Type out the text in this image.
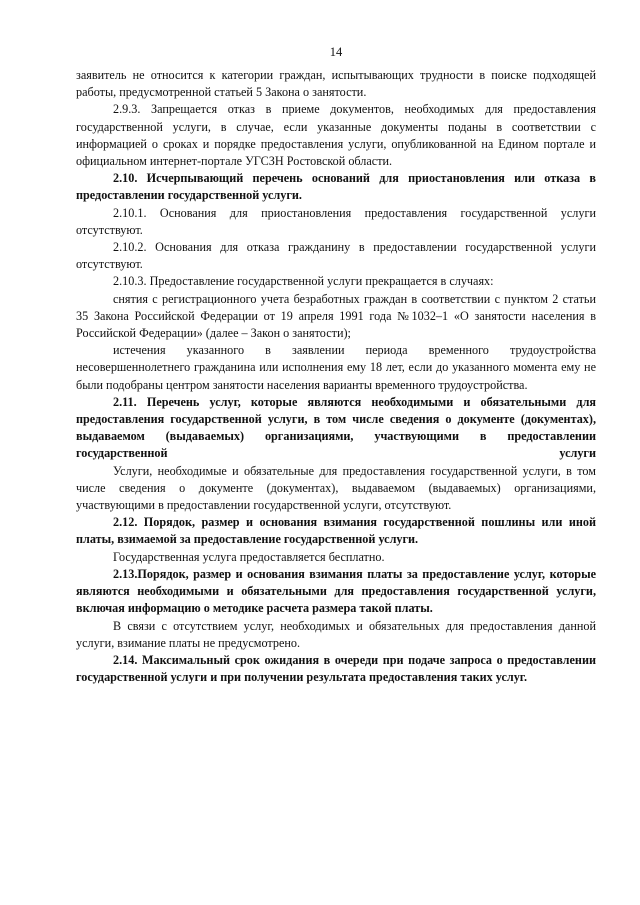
14

заявитель не относится к категории граждан, испытывающих трудности в поиске подходящей работы, предусмотренной статьей 5 Закона о занятости.

2.9.3. Запрещается отказ в приеме документов, необходимых для предоставления государственной услуги, в случае, если указанные документы поданы в соответствии с информацией о сроках и порядке предоставления услуги, опубликованной на Едином портале и официальном интернет-портале УГСЗН Ростовской области.

2.10. Исчерпывающий перечень оснований для приостановления или отказа в предоставлении государственной услуги.

2.10.1. Основания для приостановления предоставления государственной услуги отсутствуют.

2.10.2. Основания для отказа гражданину в предоставлении государственной услуги отсутствуют.

2.10.3. Предоставление государственной услуги прекращается в случаях:

снятия с регистрационного учета безработных граждан в соответствии с пунктом 2 статьи 35 Закона Российской Федерации от 19 апреля 1991 года №1032–1 «О занятости населения в Российской Федерации» (далее – Закон о занятости);

истечения указанного в заявлении периода временного трудоустройства несовершеннолетнего гражданина или исполнения ему 18 лет, если до указанного момента ему не были подобраны центром занятости населения варианты временного трудоустройства.

2.11. Перечень услуг, которые являются необходимыми и обязательными для предоставления государственной услуги, в том числе сведения о документе (документах), выдаваемом (выдаваемых) организациями, участвующими в предоставлении государственной услуги

Услуги, необходимые и обязательные для предоставления государственной услуги, в том числе сведения о документе (документах), выдаваемом (выдаваемых) организациями, участвующими в предоставлении государственной услуги, отсутствуют.

2.12. Порядок, размер и основания взимания государственной пошлины или иной платы, взимаемой за предоставление государственной услуги.

Государственная услуга предоставляется бесплатно.

2.13.Порядок, размер и основания взимания платы за предоставление услуг, которые являются необходимыми и обязательными для предоставления государственной услуги, включая информацию о методике расчета размера такой платы.

В связи с отсутствием услуг, необходимых и обязательных для предоставления данной услуги, взимание платы не предусмотрено.

2.14. Максимальный срок ожидания в очереди при подаче запроса о предоставлении государственной услуги и при получении результата предоставления таких услуг.
